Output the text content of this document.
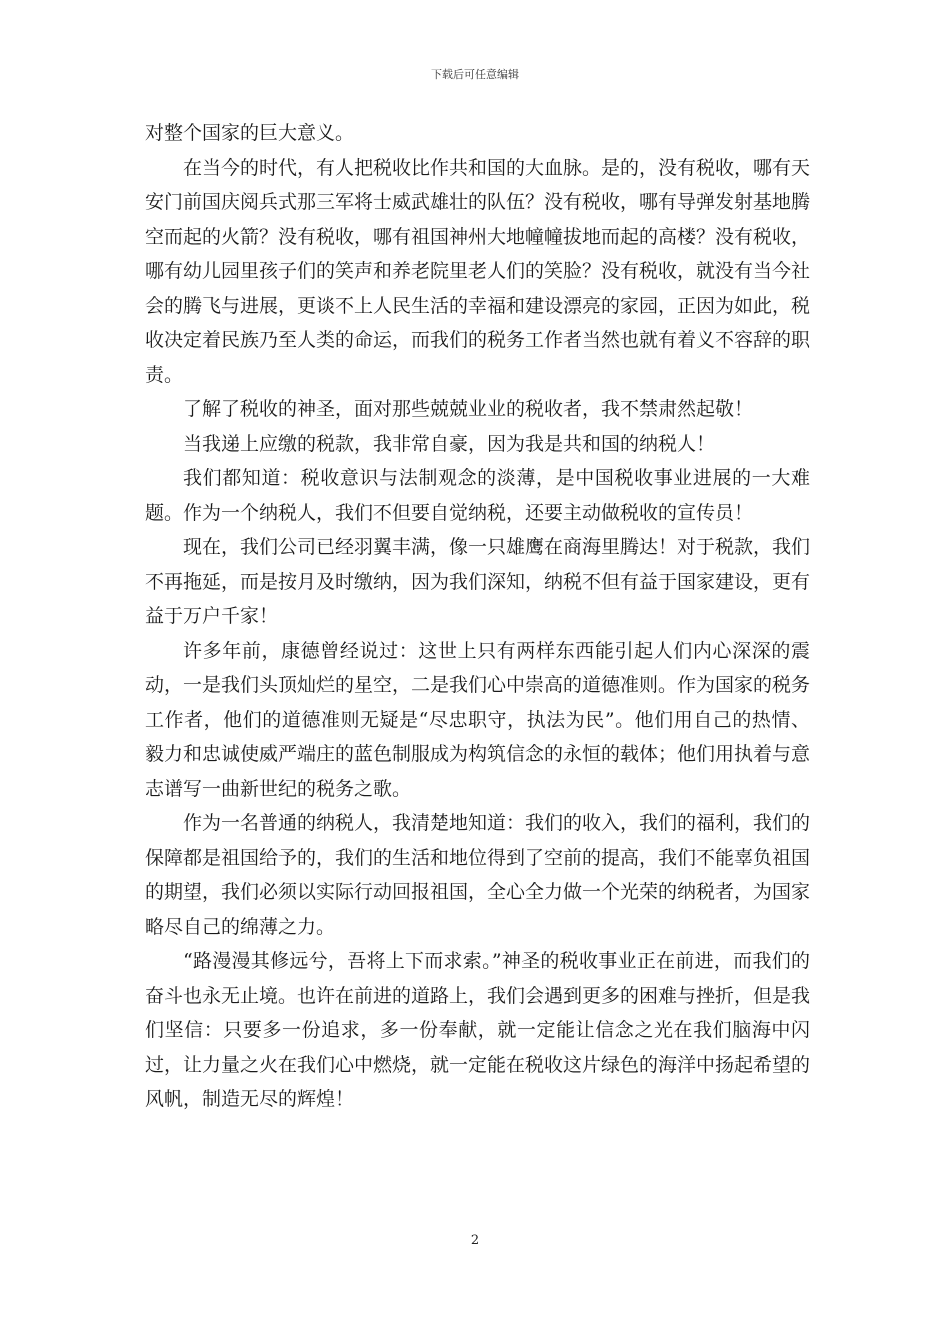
下载后可任意编辑

对整个国家的巨大意义。

在当今的时代，有人把税收比作共和国的大血脉。是的，没有税收，哪有天安门前国庆阅兵式那三军将士威武雄壮的队伍？没有税收，哪有导弹发射基地腾空而起的火箭？没有税收，哪有祖国神州大地幢幢拔地而起的高楼？没有税收，哪有幼儿园里孩子们的笑声和养老院里老人们的笑脸？没有税收，就没有当今社会的腾飞与进展，更谈不上人民生活的幸福和建设漂亮的家园，正因为如此，税收决定着民族乃至人类的命运，而我们的税务工作者当然也就有着义不容辞的职责。

了解了税收的神圣，面对那些兢兢业业的税收者，我不禁肃然起敬！

当我递上应缴的税款，我非常自豪，因为我是共和国的纳税人！

我们都知道：税收意识与法制观念的淡薄，是中国税收事业进展的一大难题。作为一个纳税人，我们不但要自觉纳税，还要主动做税收的宣传员！

现在，我们公司已经羽翼丰满，像一只雄鹰在商海里腾达！对于税款，我们不再拖延，而是按月及时缴纳，因为我们深知，纳税不但有益于国家建设，更有益于万户千家！

许多年前，康德曾经说过：这世上只有两样东西能引起人们内心深深的震动，一是我们头顶灿烂的星空，二是我们心中崇高的道德准则。作为国家的税务工作者，他们的道德准则无疑是“尽忠职守，执法为民”。他们用自己的热情、毅力和忠诚使威严端庄的蓝色制服成为构筑信念的永恒的载体；他们用执着与意志谱写一曲新世纪的税务之歌。

作为一名普通的纳税人，我清楚地知道：我们的收入，我们的福利，我们的保障都是祖国给予的，我们的生活和地位得到了空前的提高，我们不能辜负祖国的期望，我们必须以实际行动回报祖国，全心全力做一个光荣的纳税者，为国家略尽自己的绵薄之力。

“路漫漫其修远兮，吾将上下而求索。”神圣的税收事业正在前进，而我们的奋斗也永无止境。也许在前进的道路上，我们会遇到更多的困难与挫折，但是我们坚信：只要多一份追求，多一份奉献，就一定能让信念之光在我们脑海中闪过，让力量之火在我们心中燃烧，就一定能在税收这片绿色的海洋中扬起希望的风帆，制造无尽的辉煌！

2
